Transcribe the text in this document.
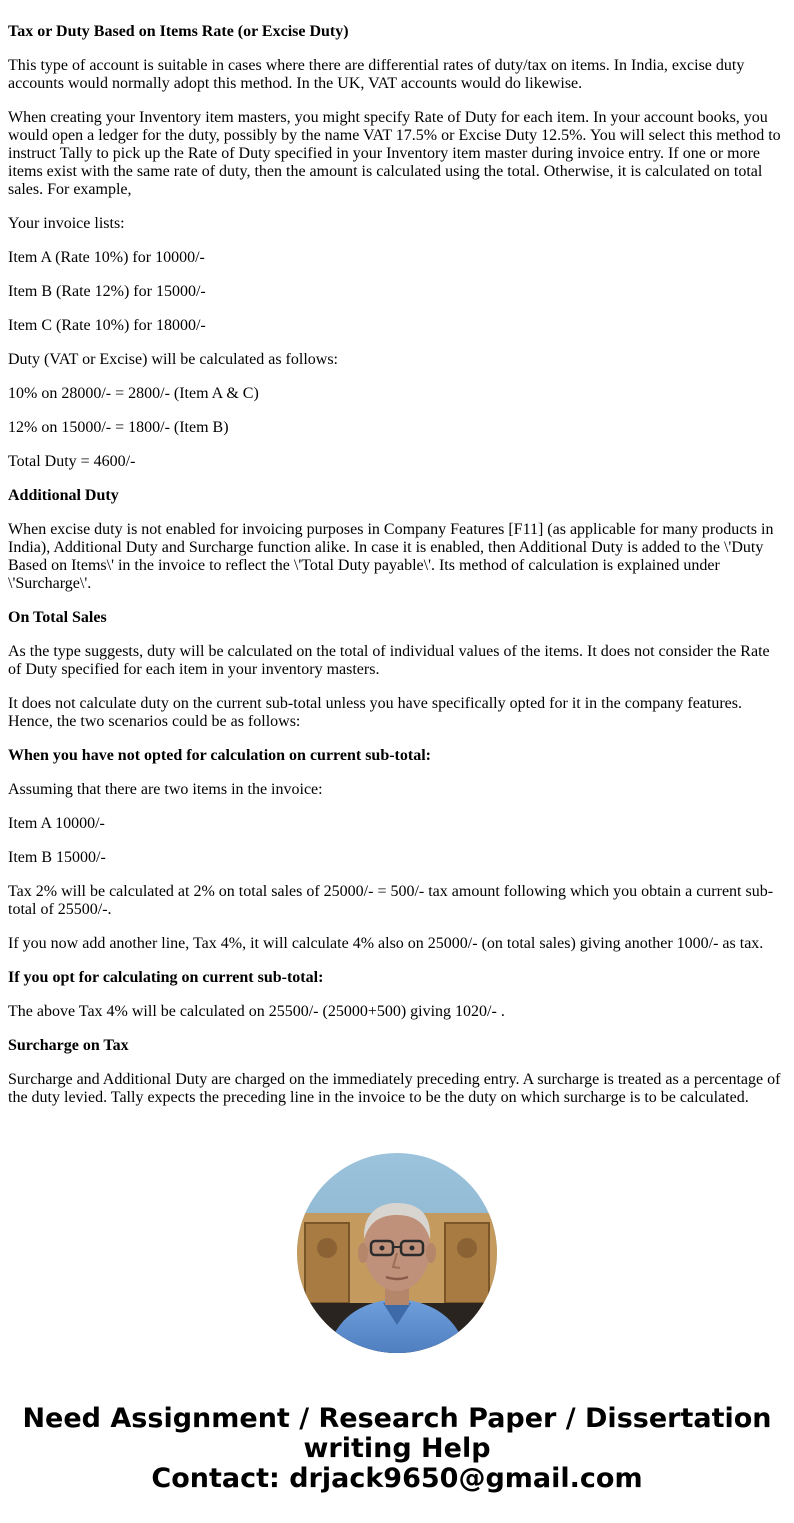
Tax or Duty Based on Items Rate (or Excise Duty)

This type of account is suitable in cases where there are differential rates of duty/tax on items. In India, excise duty accounts would normally adopt this method. In the UK, VAT accounts would do likewise.

When creating your Inventory item masters, you might specify Rate of Duty for each item. In your account books, you would open a ledger for the duty, possibly by the name VAT 17.5% or Excise Duty 12.5%. You will select this method to instruct Tally to pick up the Rate of Duty specified in your Inventory item master during invoice entry. If one or more items exist with the same rate of duty, then the amount is calculated using the total. Otherwise, it is calculated on total sales. For example,

Your invoice lists:

Item A (Rate 10%) for 10000/-

Item B (Rate 12%) for 15000/-

Item C (Rate 10%) for 18000/-

Duty (VAT or Excise) will be calculated as follows:

10% on 28000/- = 2800/- (Item A & C)

12% on 15000/- = 1800/- (Item B)

Total Duty = 4600/-

Additional Duty

When excise duty is not enabled for invoicing purposes in Company Features [F11] (as applicable for many products in India), Additional Duty and Surcharge function alike. In case it is enabled, then Additional Duty is added to the \'Duty Based on Items\' in the invoice to reflect the \'Total Duty payable\'. Its method of calculation is explained under \'Surcharge\'.

On Total Sales

As the type suggests, duty will be calculated on the total of individual values of the items. It does not consider the Rate of Duty specified for each item in your inventory masters.

It does not calculate duty on the current sub-total unless you have specifically opted for it in the company features. Hence, the two scenarios could be as follows:

When you have not opted for calculation on current sub-total:

Assuming that there are two items in the invoice:

Item A 10000/-

Item B 15000/-

Tax 2% will be calculated at 2% on total sales of 25000/- = 500/- tax amount following which you obtain a current sub-total of 25500/-.

If you now add another line, Tax 4%, it will calculate 4% also on 25000/- (on total sales) giving another 1000/- as tax.

If you opt for calculating on current sub-total:

The above Tax 4% will be calculated on 25500/- (25000+500) giving 1020/- .

Surcharge on Tax

Surcharge and Additional Duty are charged on the immediately preceding entry. A surcharge is treated as a percentage of the duty levied. Tally expects the preceding line in the invoice to be the duty on which surcharge is to be calculated.

Need Assignment / Research Paper / Dissertation writing Help
Contact: drjack9650@gmail.com
